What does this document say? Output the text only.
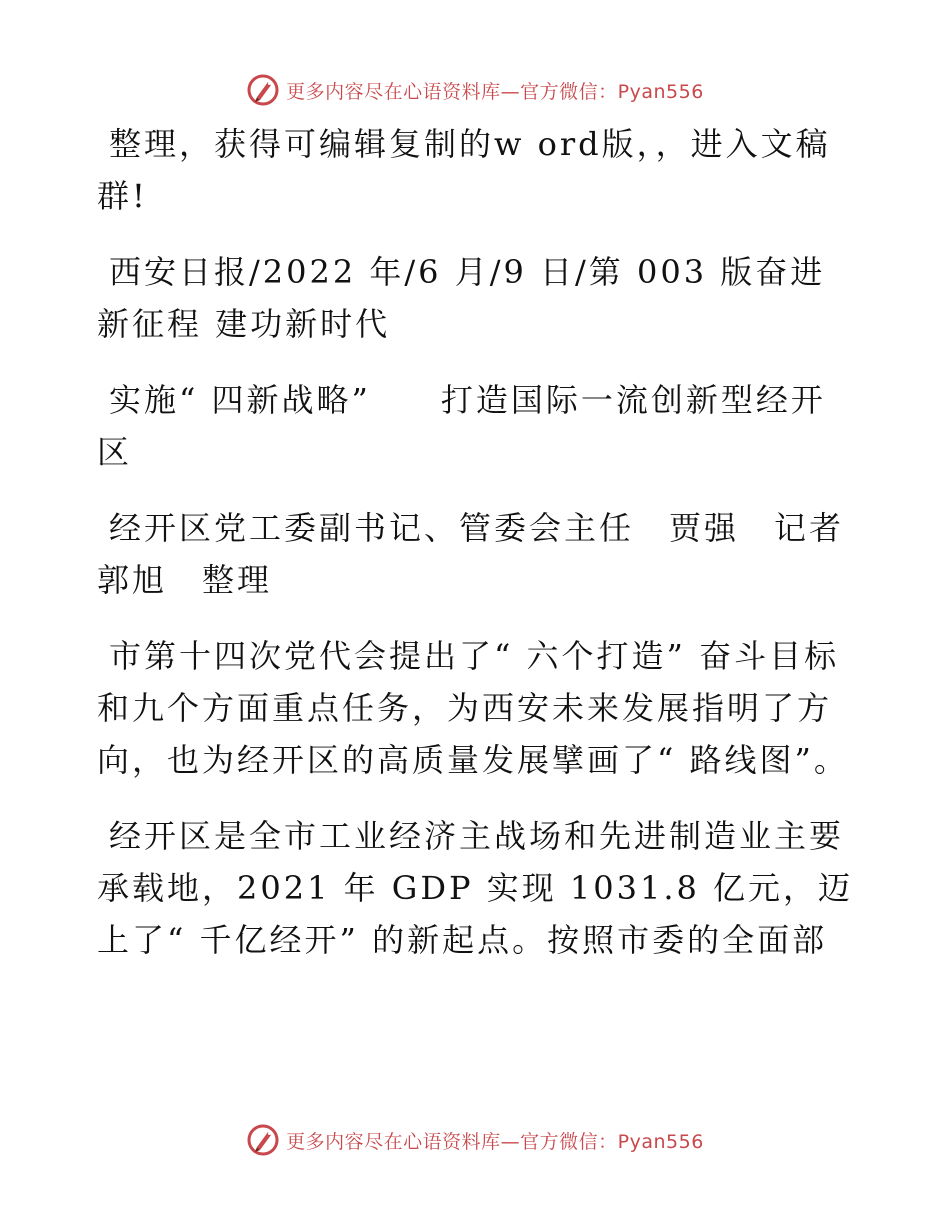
更多内容尽在心语资料库—官方微信：Pyan556

整理，获得可编辑复制的w ord版，，进入文稿群!

西安日报/2022 年/6 月/9 日/第 003 版奋进新征程 建功新时代

实施“ 四新战略”　　打造国际一流创新型经开区

经开区党工委副书记、管委会主任　贾强　记者郭旭　整理

市第十四次党代会提出了“ 六个打造” 奋斗目标和九个方面重点任务，为西安未来发展指明了方向，也为经开区的高质量发展擘画了“ 路线图”。

经开区是全市工业经济主战场和先进制造业主要承载地，2021 年 GDP 实现 1031.8 亿元，迈上了“ 千亿经开” 的新起点。按照市委的全面部

更多内容尽在心语资料库—官方微信：Pyan556
